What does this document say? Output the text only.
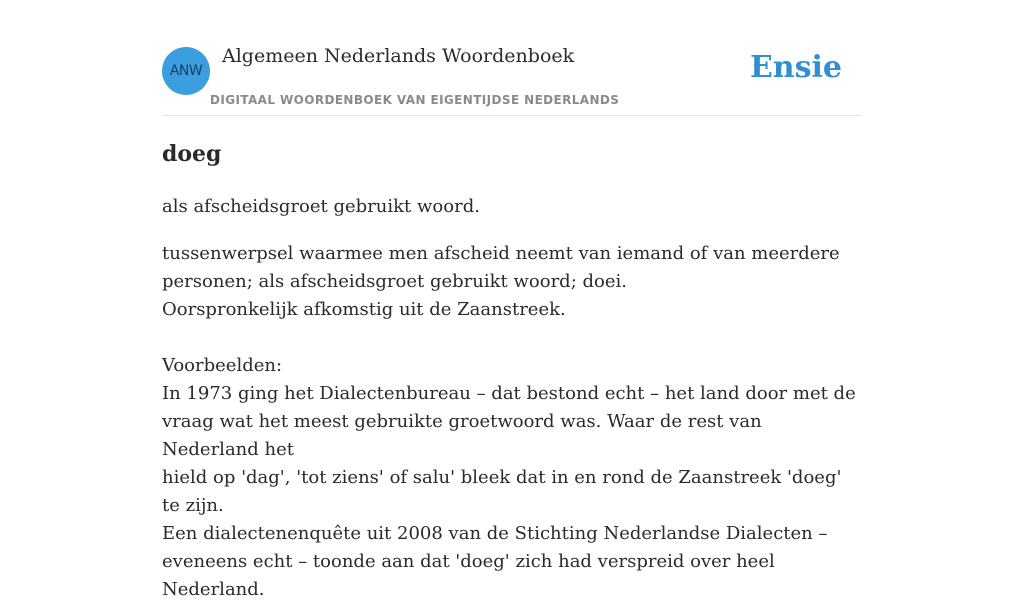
ANW
Algemeen Nederlands Woordenboek
DIGITAAL WOORDENBOEK VAN EIGENTIJDSE NEDERLANDS
Ensie
doeg

als afscheidsgroet gebruikt woord.

tussenwerpsel waarmee men afscheid neemt van iemand of van meerdere
personen; als afscheidsgroet gebruikt woord; doei.
Oorspronkelijk afkomstig uit de Zaanstreek.

Voorbeelden:
In 1973 ging het Dialectenbureau – dat bestond echt – het land door met de
vraag wat het meest gebruikte groetwoord was. Waar de rest van Nederland het
hield op 'dag', 'tot ziens' of salu' bleek dat in en rond de Zaanstreek 'doeg' te zijn.
Een dialectenenquête uit 2008 van de Stichting Nederlandse Dialecten –
eveneens echt – toonde aan dat 'doeg' zich had verspreid over heel Nederland.
